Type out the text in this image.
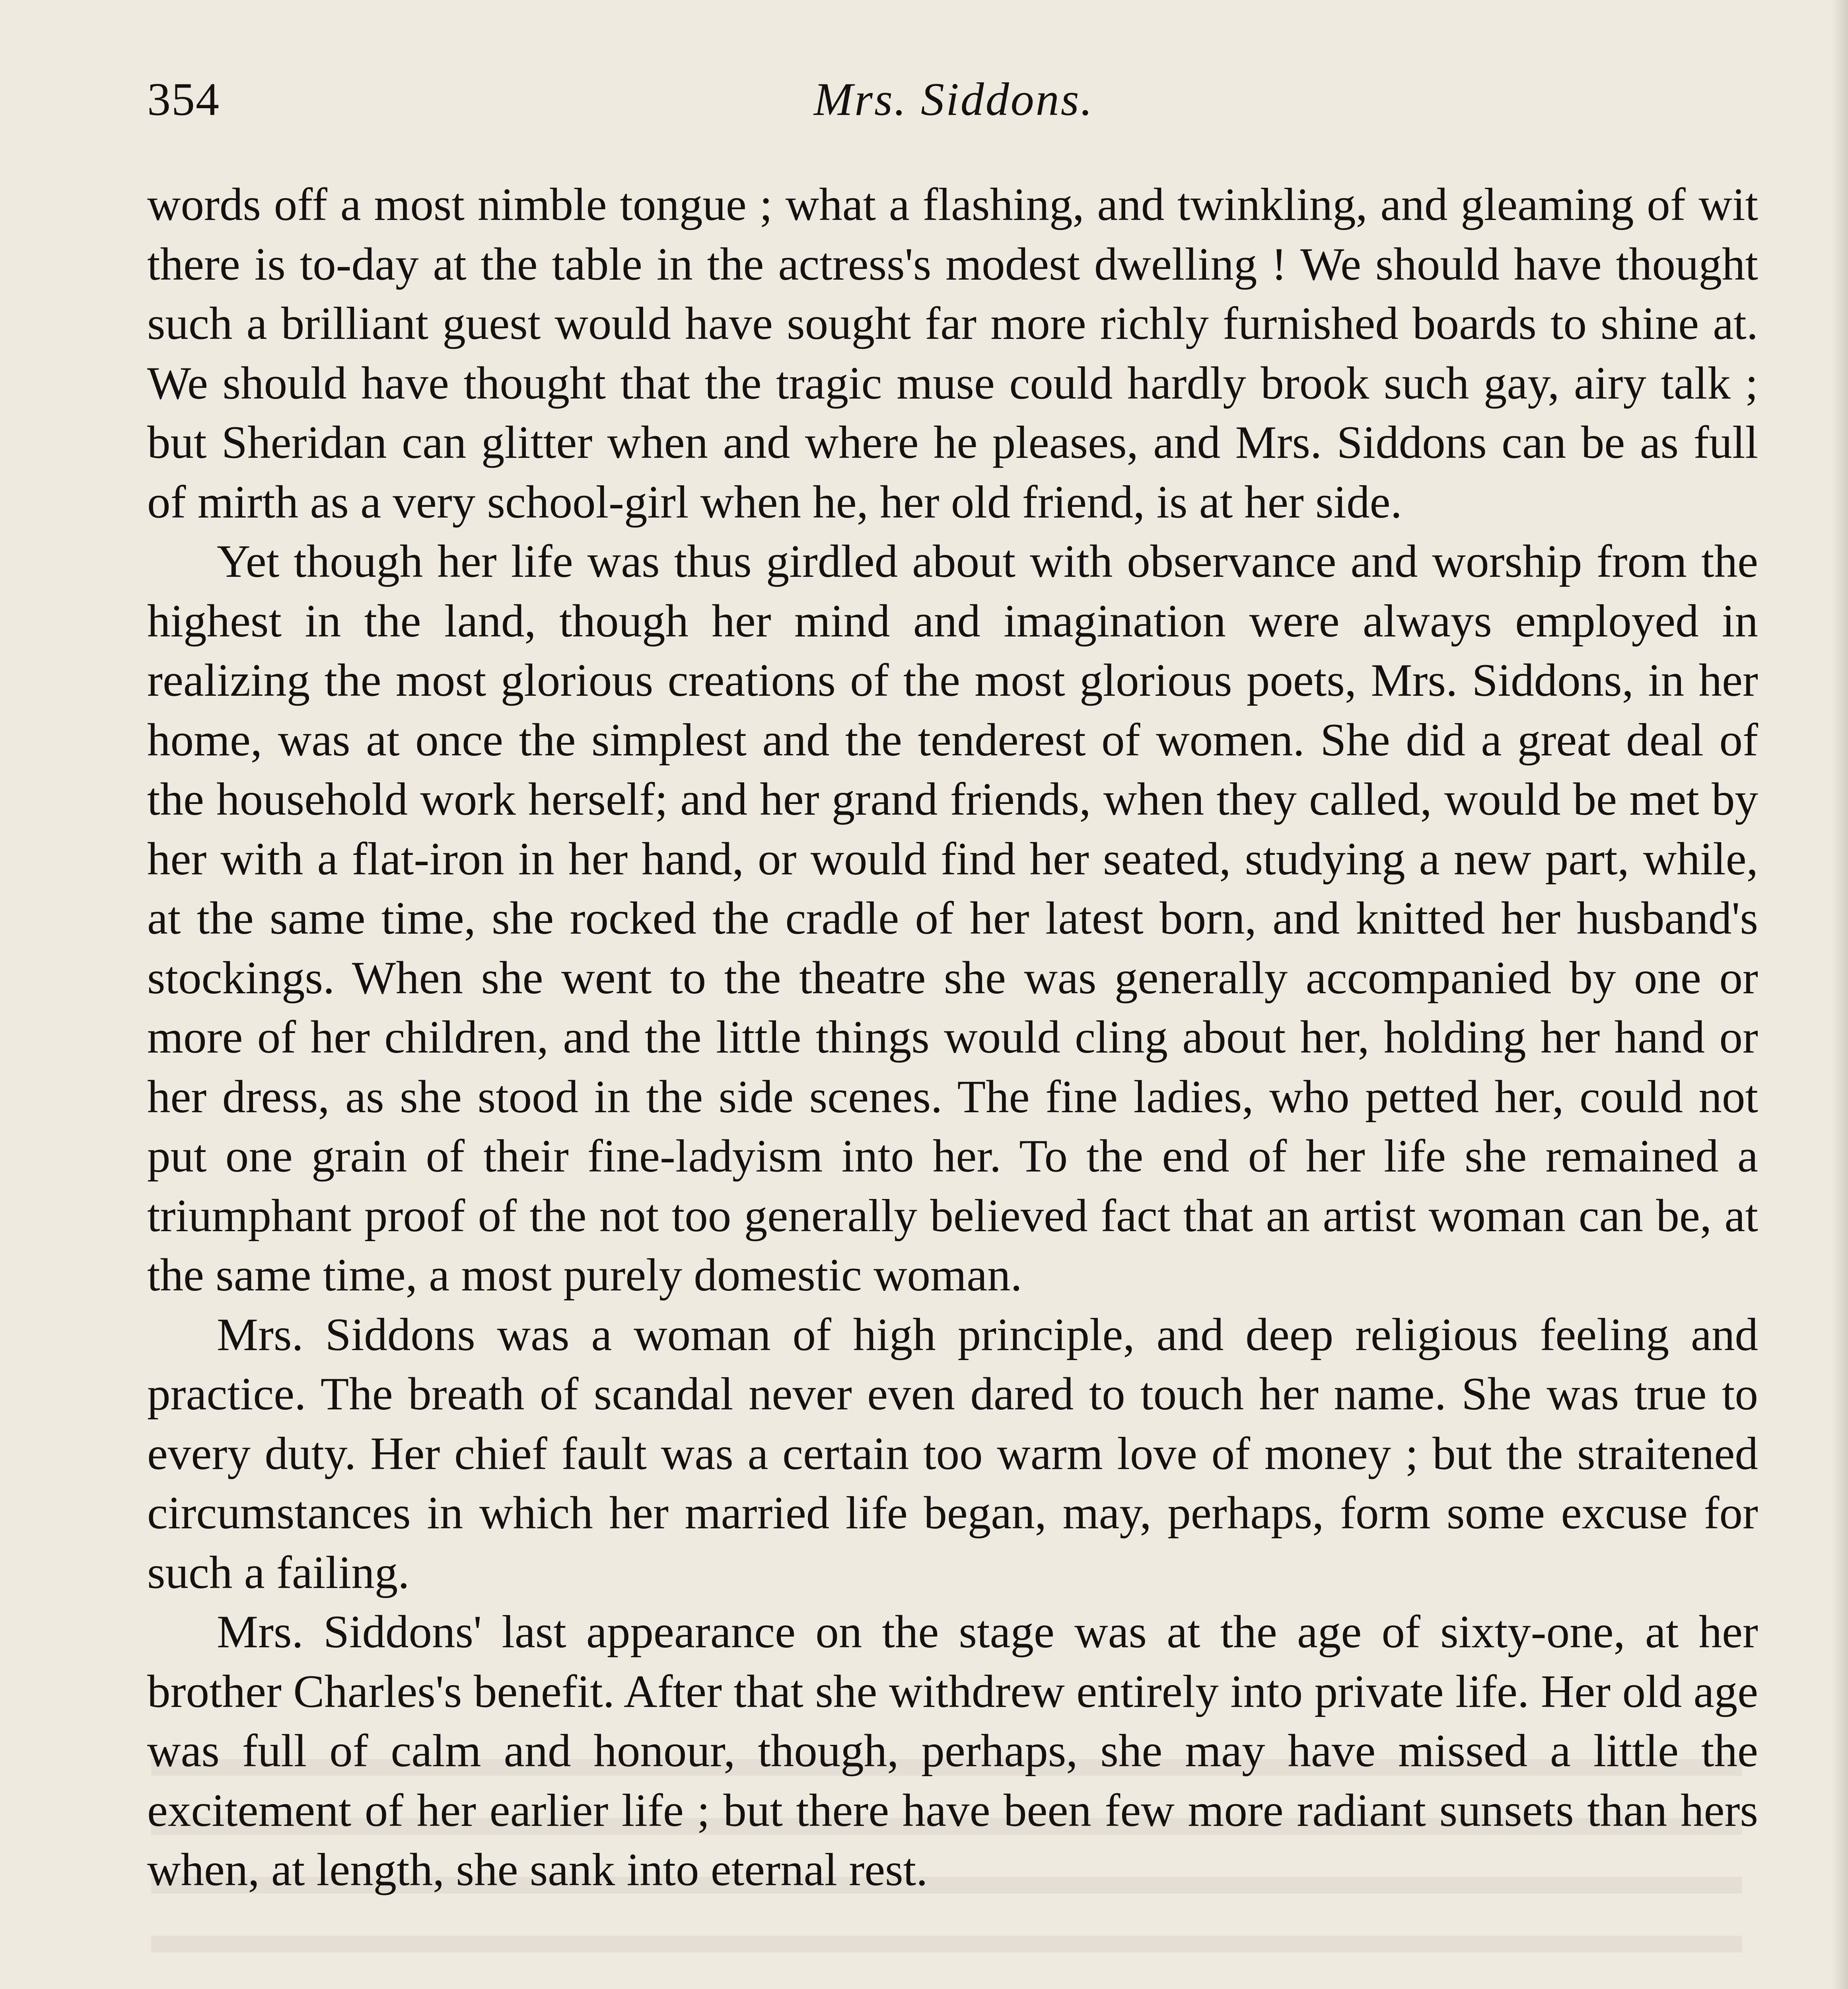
354	Mrs. Siddons.

words off a most nimble tongue ; what a flashing, and twinkling, and gleaming of wit there is to-day at the table in the actress's modest dwelling ! We should have thought such a brilliant guest would have sought far more richly furnished boards to shine at. We should have thought that the tragic muse could hardly brook such gay, airy talk ; but Sheridan can glitter when and where he pleases, and Mrs. Siddons can be as full of mirth as a very school-girl when he, her old friend, is at her side.

Yet though her life was thus girdled about with observance and worship from the highest in the land, though her mind and imagination were always employed in realizing the most glorious creations of the most glorious poets, Mrs. Siddons, in her home, was at once the simplest and the tenderest of women. She did a great deal of the household work herself; and her grand friends, when they called, would be met by her with a flat-iron in her hand, or would find her seated, studying a new part, while, at the same time, she rocked the cradle of her latest born, and knitted her husband's stockings. When she went to the theatre she was generally accompanied by one or more of her children, and the little things would cling about her, holding her hand or her dress, as she stood in the side scenes. The fine ladies, who petted her, could not put one grain of their fine-ladyism into her. To the end of her life she remained a triumphant proof of the not too generally believed fact that an artist woman can be, at the same time, a most purely domestic woman.

Mrs. Siddons was a woman of high principle, and deep religious feeling and practice. The breath of scandal never even dared to touch her name. She was true to every duty. Her chief fault was a certain too warm love of money ; but the straitened circumstances in which her married life began, may, perhaps, form some excuse for such a failing.

Mrs. Siddons' last appearance on the stage was at the age of sixty-one, at her brother Charles's benefit. After that she withdrew entirely into private life. Her old age was full of calm and honour, though, perhaps, she may have missed a little the excitement of her earlier life ; but there have been few more radiant sunsets than hers when, at length, she sank into eternal rest.
